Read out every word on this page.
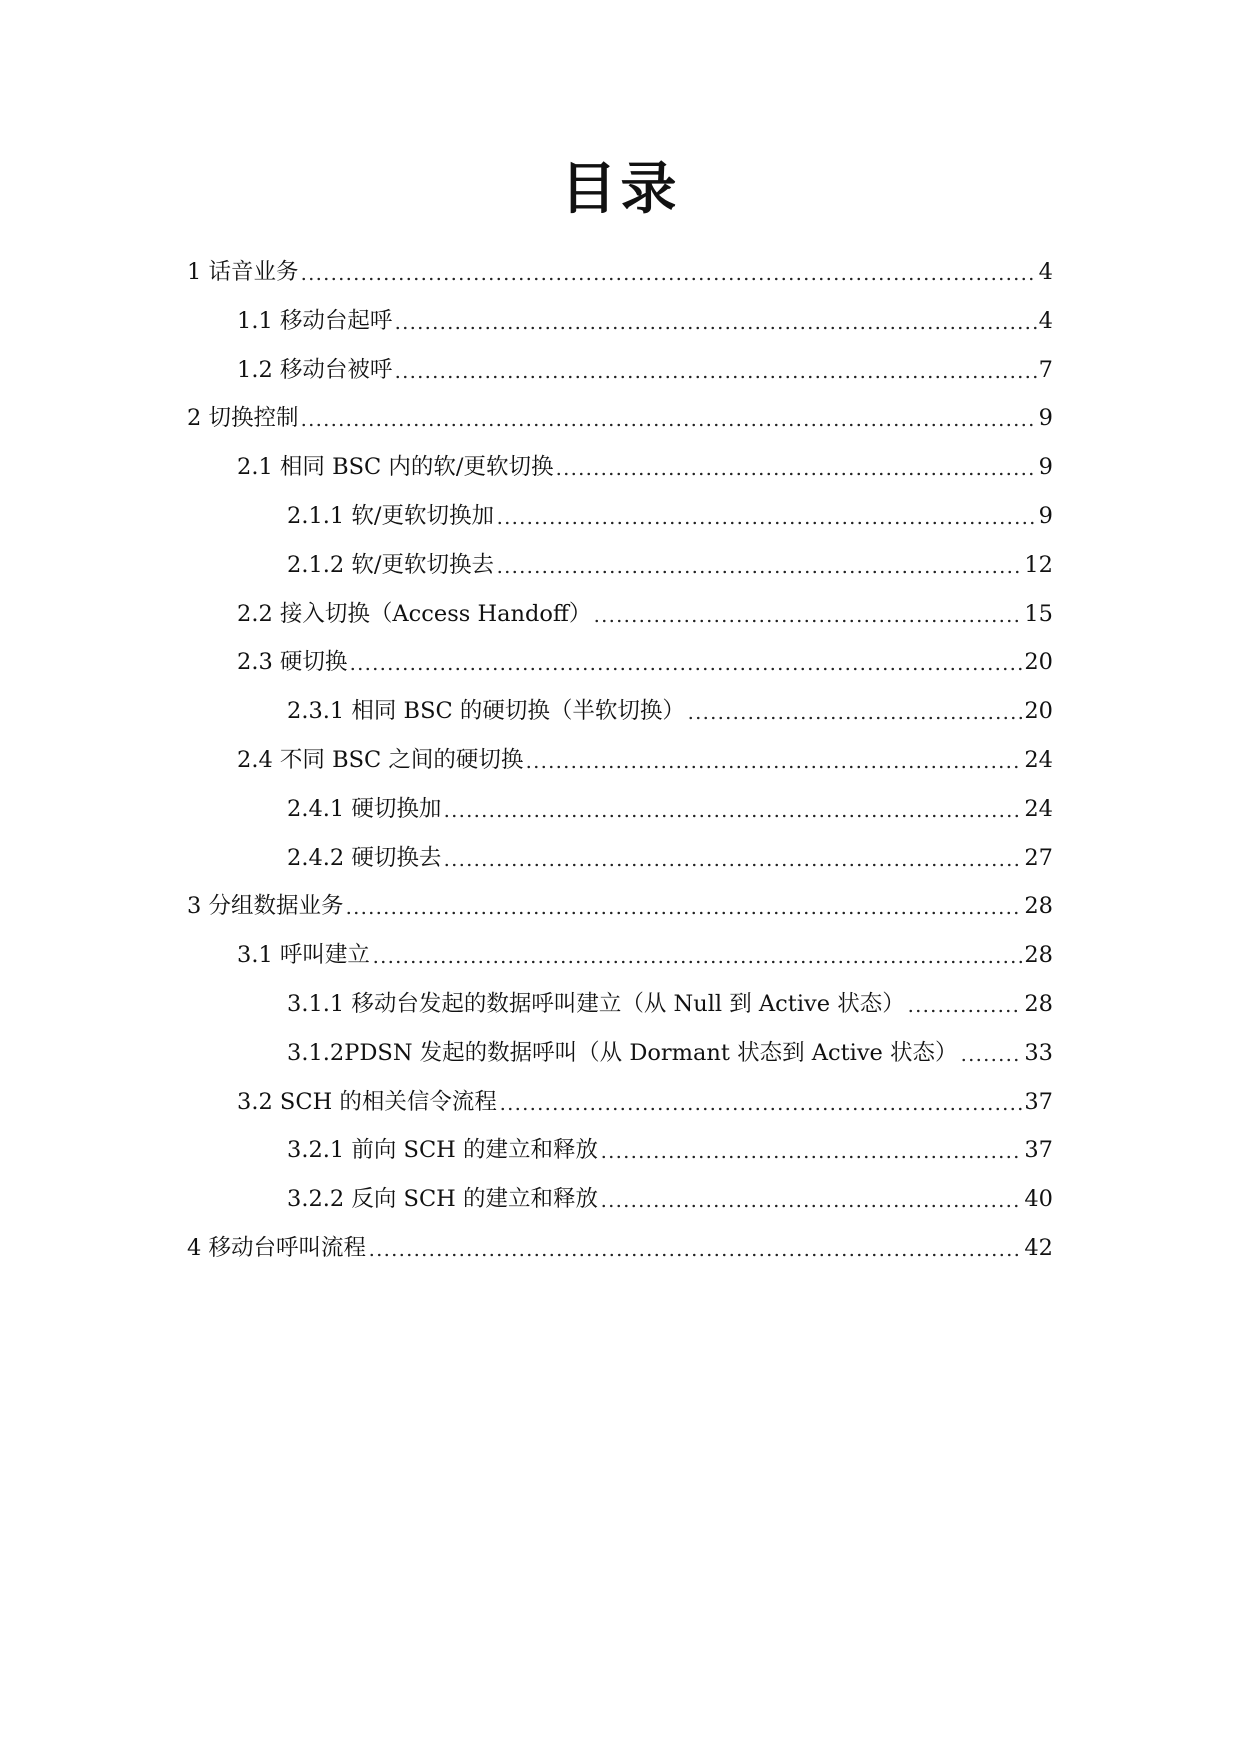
目录
1 话音业务	4
1.1 移动台起呼	4
1.2 移动台被呼	7
2 切换控制	9
2.1 相同 BSC 内的软/更软切换	9
2.1.1 软/更软切换加	9
2.1.2 软/更软切换去	12
2.2 接入切换（Access Handoff）	15
2.3 硬切换	20
2.3.1 相同 BSC 的硬切换（半软切换）	20
2.4 不同 BSC 之间的硬切换	24
2.4.1 硬切换加	24
2.4.2 硬切换去	27
3 分组数据业务	28
3.1 呼叫建立	28
3.1.1 移动台发起的数据呼叫建立（从 Null 到 Active 状态）	28
3.1.2PDSN 发起的数据呼叫（从 Dormant 状态到 Active 状态）	33
3.2 SCH 的相关信令流程	37
3.2.1 前向 SCH 的建立和释放	37
3.2.2 反向 SCH 的建立和释放	40
4 移动台呼叫流程	42
